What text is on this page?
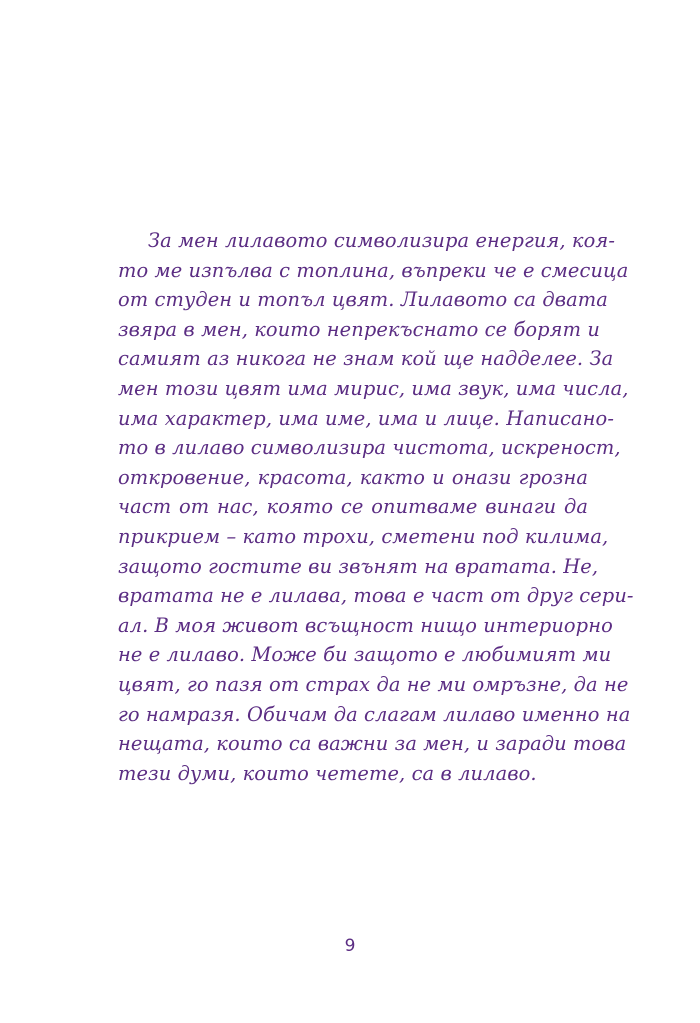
За мен лилавото символизира енергия, коя-
то ме изпълва с топлина, въпреки че е смесица
от студен и топъл цвят. Лилавото са двата
звяра в мен, които непрекъснато се борят и
самият аз никога не знам кой ще надделее. За
мен този цвят има мирис, има звук, има числа,
има характер, има име, има и лице. Написано-
то в лилаво символизира чистота, искреност,
откровение, красота, както и онази грозна
част от нас, която се опитваме винаги да
прикрием – като трохи, сметени под килима,
защото гостите ви звънят на вратата. Не,
вратата не е лилава, това е част от друг сери-
ал. В моя живот всъщност нищо интериорно
не е лилаво. Може би защото е любимият ми
цвят, го пазя от страх да не ми омръзне, да не
го намразя. Обичам да слагам лилаво именно на
нещата, които са важни за мен, и заради това
тези думи, които четете, са в лилаво.
9
